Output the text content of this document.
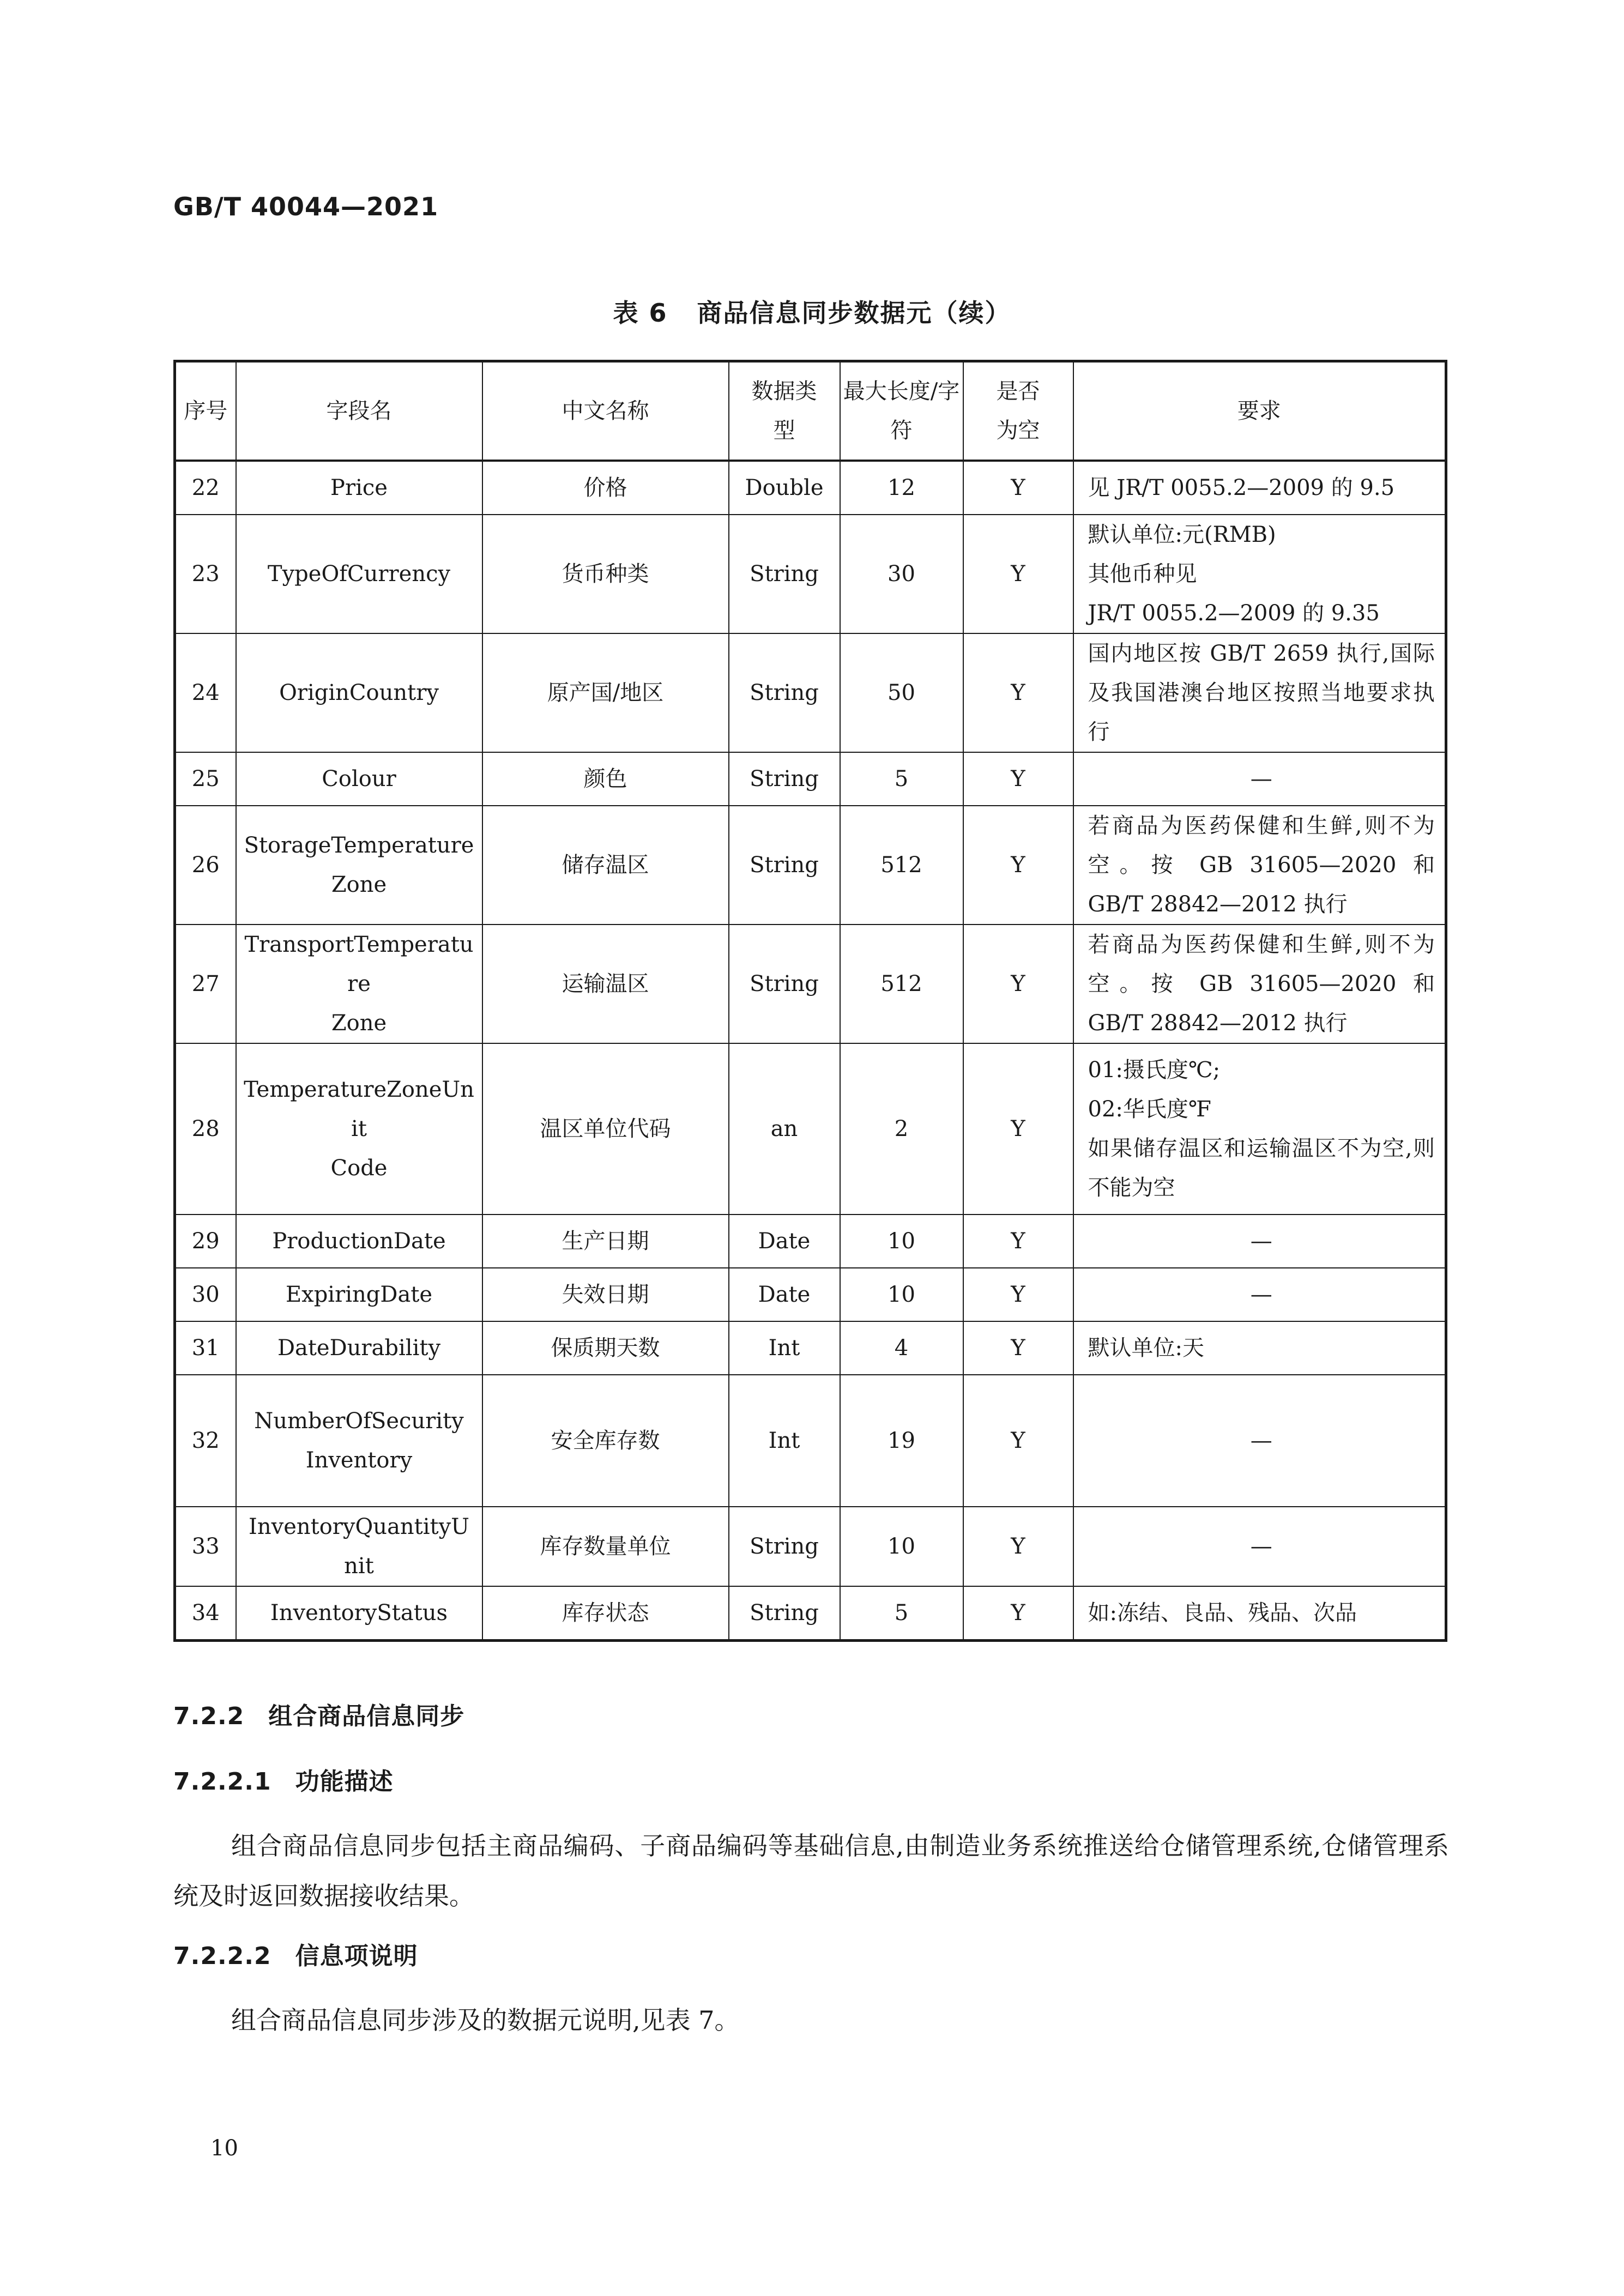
GB/T 40044—2021
表 6 商品信息同步数据元（续）
序号	字段名	中文名称	数据类型	最大长度/字符	是否为空	要求
22	Price	价格	Double	12	Y	见 JR/T 0055.2—2009 的 9.5
23	TypeOfCurrency	货币种类	String	30	Y	默认单位:元(RMB)
其他币种见
JR/T 0055.2—2009 的 9.35
24	OriginCountry	原产国/地区	String	50	Y	国内地区按 GB/T 2659 执行,国际及我国港澳台地区按照当地要求执行
25	Colour	颜色	String	5	Y	—
26	StorageTemperature
Zone	储存温区	String	512	Y	若商品为医药保健和生鲜,则不为空。按 GB 31605—2020 和 GB/T 28842—2012 执行
27	TransportTemperature
Zone	运输温区	String	512	Y	若商品为医药保健和生鲜,则不为空。按 GB 31605—2020 和 GB/T 28842—2012 执行
28	TemperatureZoneUnit
Code	温区单位代码	an	2	Y	01:摄氏度℃;
02:华氏度℉
如果储存温区和运输温区不为空,则不能为空
29	ProductionDate	生产日期	Date	10	Y	—
30	ExpiringDate	失效日期	Date	10	Y	—
31	DateDurability	保质期天数	Int	4	Y	默认单位:天
32	NumberOfSecurity
Inventory	安全库存数	Int	19	Y	—
33	InventoryQuantityUnit	库存数量单位	String	10	Y	—
34	InventoryStatus	库存状态	String	5	Y	如:冻结、良品、残品、次品
7.2.2 组合商品信息同步
7.2.2.1 功能描述
组合商品信息同步包括主商品编码、子商品编码等基础信息,由制造业务系统推送给仓储管理系统,仓储管理系统及时返回数据接收结果。
7.2.2.2 信息项说明
组合商品信息同步涉及的数据元说明,见表 7。
10
